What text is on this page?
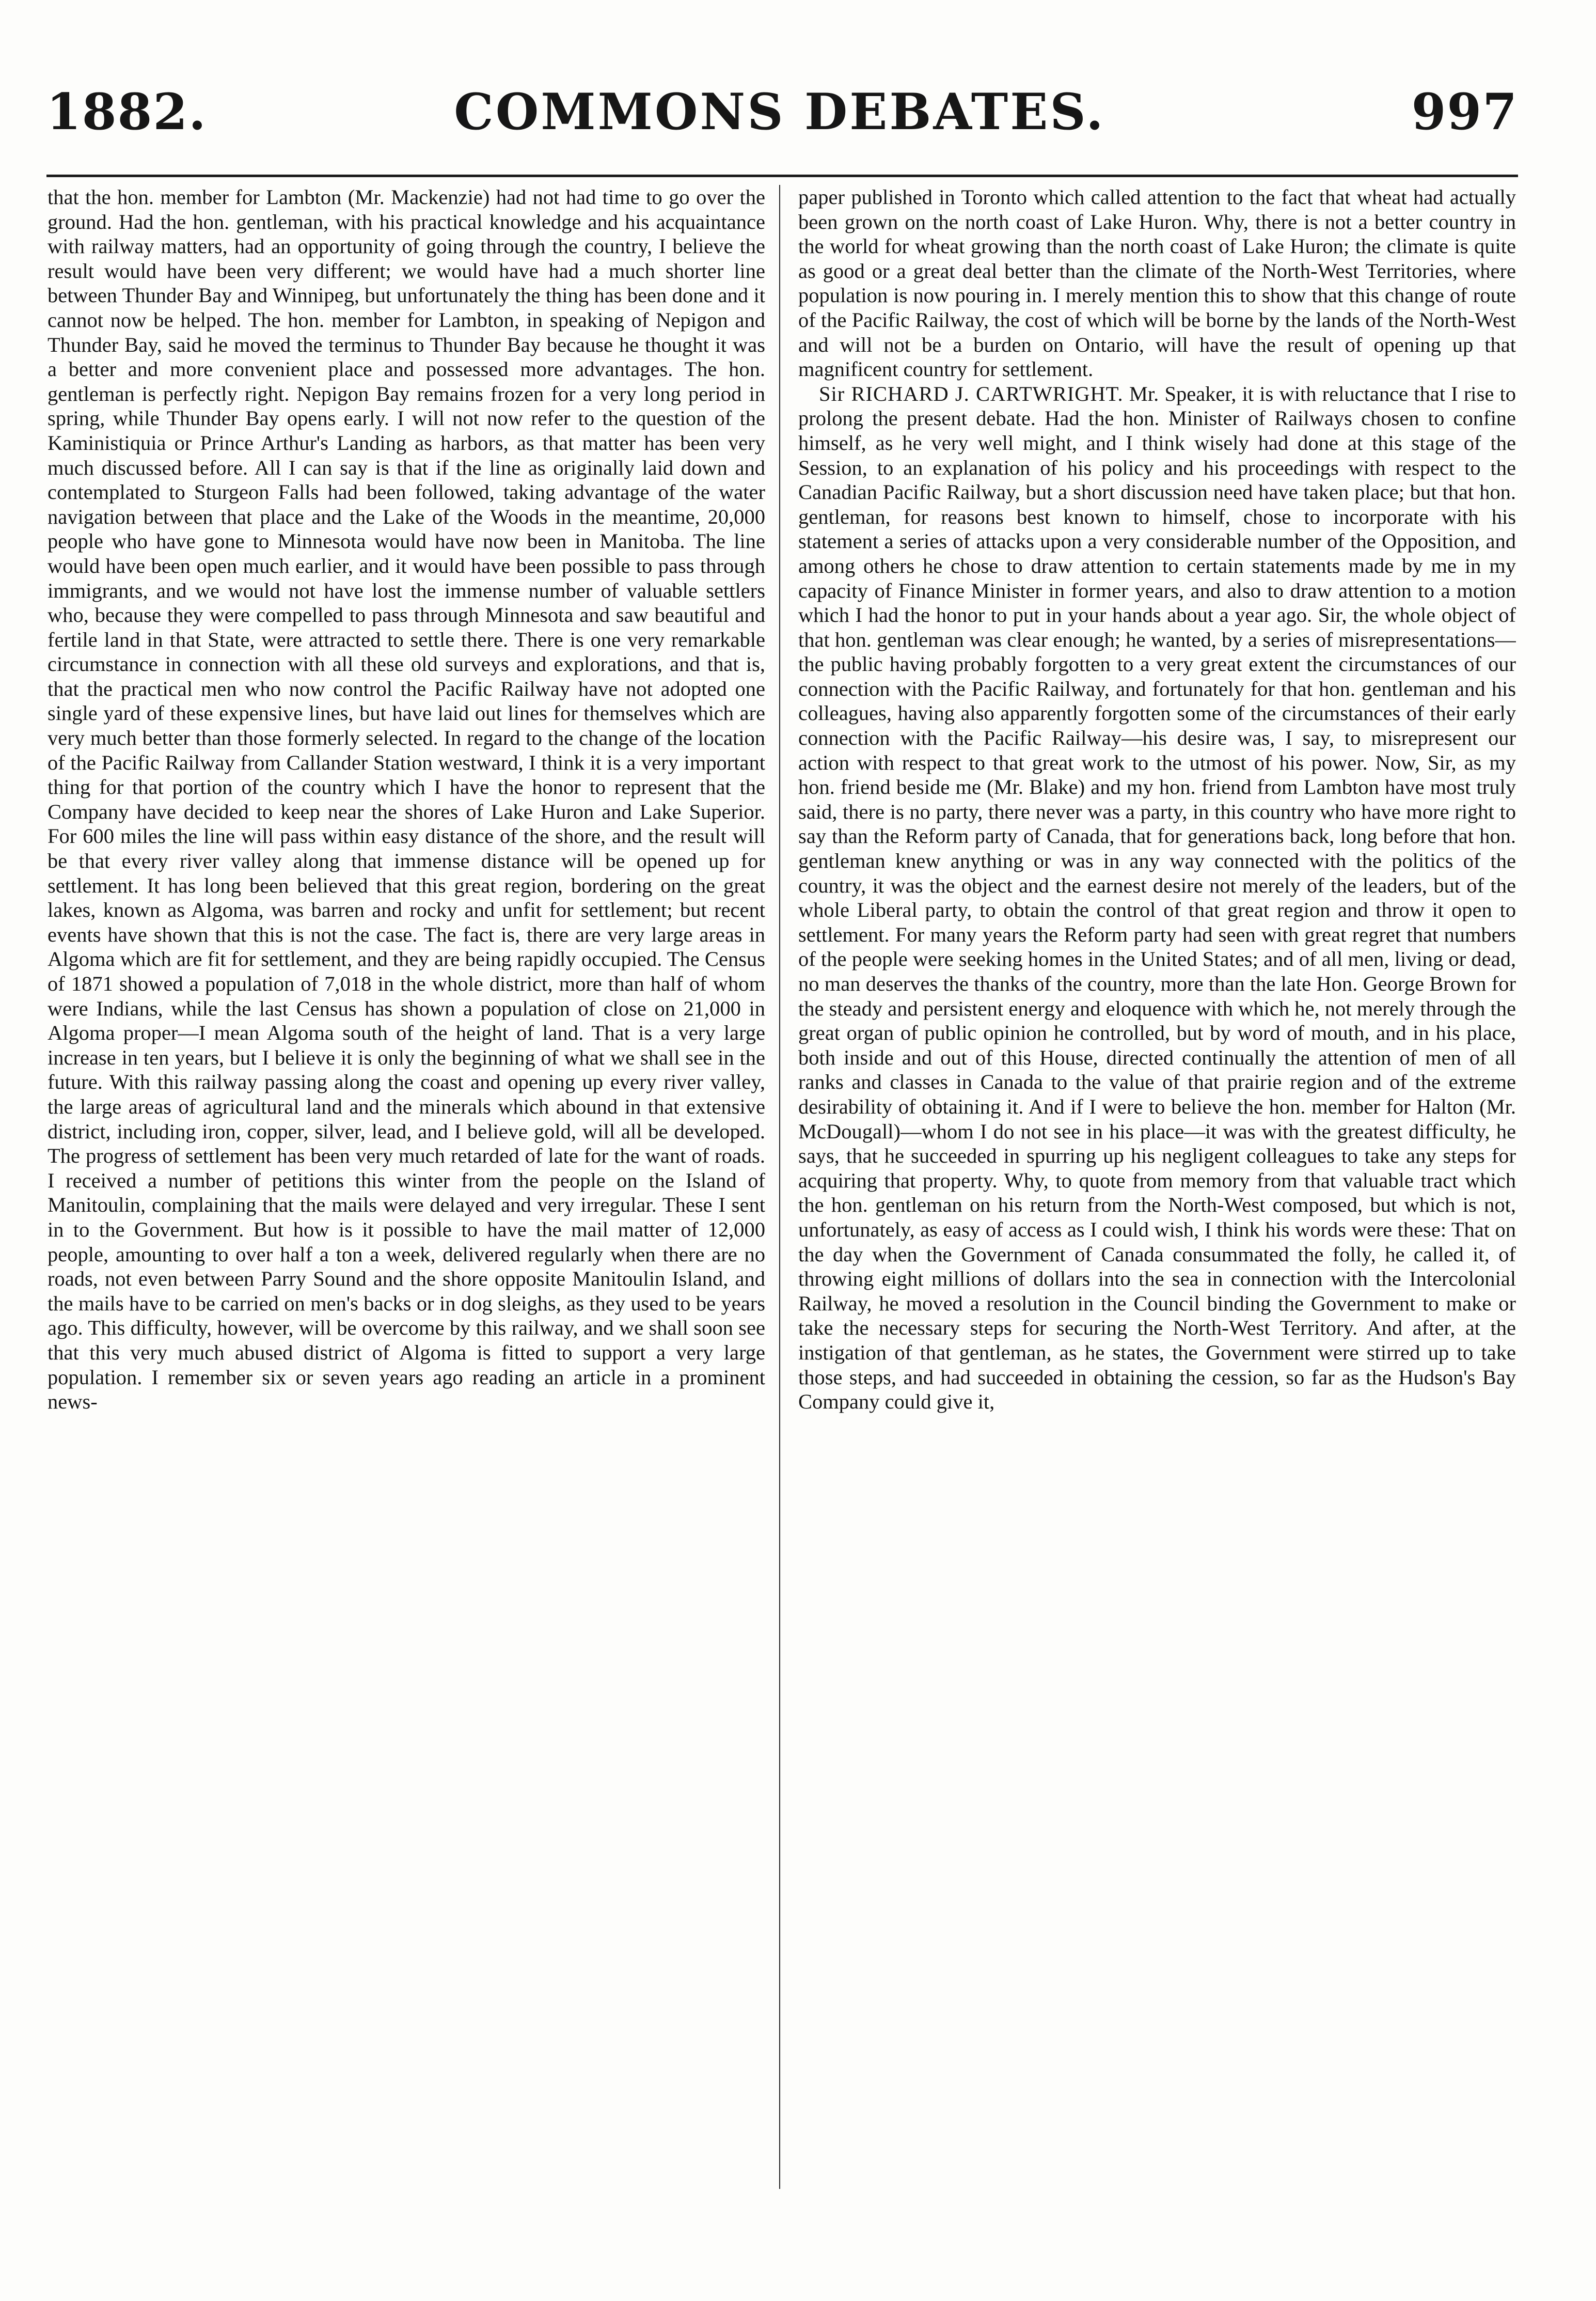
1882.	COMMONS DEBATES.	997

that the hon. member for Lambton (Mr. Mackenzie) had not had time to go over the ground. Had the hon. gentleman, with his practical knowledge and his acquaintance with railway matters, had an opportunity of going through the country, I believe the result would have been very different; we would have had a much shorter line between Thunder Bay and Winnipeg, but unfortunately the thing has been done and it cannot now be helped. The hon. member for Lambton, in speaking of Nepigon and Thunder Bay, said he moved the terminus to Thunder Bay because he thought it was a better and more convenient place and possessed more advantages. The hon. gentleman is perfectly right. Nepigon Bay remains frozen for a very long period in spring, while Thunder Bay opens early. I will not now refer to the question of the Kaministiquia or Prince Arthur's Landing as harbors, as that matter has been very much discussed before. All I can say is that if the line as originally laid down and contemplated to Sturgeon Falls had been followed, taking advantage of the water navigation between that place and the Lake of the Woods in the meantime, 20,000 people who have gone to Minnesota would have now been in Manitoba. The line would have been open much earlier, and it would have been possible to pass through immigrants, and we would not have lost the immense number of valuable settlers who, because they were compelled to pass through Minnesota and saw beautiful and fertile land in that State, were attracted to settle there. There is one very remarkable circumstance in connection with all these old surveys and explorations, and that is, that the practical men who now control the Pacific Railway have not adopted one single yard of these expensive lines, but have laid out lines for themselves which are very much better than those formerly selected. In regard to the change of the location of the Pacific Railway from Callander Station westward, I think it is a very important thing for that portion of the country which I have the honor to represent that the Company have decided to keep near the shores of Lake Huron and Lake Superior. For 600 miles the line will pass within easy distance of the shore, and the result will be that every river valley along that immense distance will be opened up for settlement. It has long been believed that this great region, bordering on the great lakes, known as Algoma, was barren and rocky and unfit for settlement; but recent events have shown that this is not the case. The fact is, there are very large areas in Algoma which are fit for settlement, and they are being rapidly occupied. The Census of 1871 showed a population of 7,018 in the whole district, more than half of whom were Indians, while the last Census has shown a population of close on 21,000 in Algoma proper—I mean Algoma south of the height of land. That is a very large increase in ten years, but I believe it is only the beginning of what we shall see in the future. With this railway passing along the coast and opening up every river valley, the large areas of agricultural land and the minerals which abound in that extensive district, including iron, copper, silver, lead, and I believe gold, will all be developed. The progress of settlement has been very much retarded of late for the want of roads. I received a number of petitions this winter from the people on the Island of Manitoulin, complaining that the mails were delayed and very irregular. These I sent in to the Government. But how is it possible to have the mail matter of 12,000 people, amounting to over half a ton a week, delivered regularly when there are no roads, not even between Parry Sound and the shore opposite Manitoulin Island, and the mails have to be carried on men's backs or in dog sleighs, as they used to be years ago. This difficulty, however, will be overcome by this railway, and we shall soon see that this very much abused district of Algoma is fitted to support a very large population. I remember six or seven years ago reading an article in a prominent news-

paper published in Toronto which called attention to the fact that wheat had actually been grown on the north coast of Lake Huron. Why, there is not a better country in the world for wheat growing than the north coast of Lake Huron; the climate is quite as good or a great deal better than the climate of the North-West Territories, where population is now pouring in. I merely mention this to show that this change of route of the Pacific Railway, the cost of which will be borne by the lands of the North-West and will not be a burden on Ontario, will have the result of opening up that magnificent country for settlement.

Sir RICHARD J. CARTWRIGHT. Mr. Speaker, it is with reluctance that I rise to prolong the present debate. Had the hon. Minister of Railways chosen to confine himself, as he very well might, and I think wisely had done at this stage of the Session, to an explanation of his policy and his proceedings with respect to the Canadian Pacific Railway, but a short discussion need have taken place; but that hon. gentleman, for reasons best known to himself, chose to incorporate with his statement a series of attacks upon a very considerable number of the Opposition, and among others he chose to draw attention to certain statements made by me in my capacity of Finance Minister in former years, and also to draw attention to a motion which I had the honor to put in your hands about a year ago. Sir, the whole object of that hon. gentleman was clear enough; he wanted, by a series of misrepresentations—the public having probably forgotten to a very great extent the circumstances of our connection with the Pacific Railway, and fortunately for that hon. gentleman and his colleagues, having also apparently forgotten some of the circumstances of their early connection with the Pacific Railway—his desire was, I say, to misrepresent our action with respect to that great work to the utmost of his power. Now, Sir, as my hon. friend beside me (Mr. Blake) and my hon. friend from Lambton have most truly said, there is no party, there never was a party, in this country who have more right to say than the Reform party of Canada, that for generations back, long before that hon. gentleman knew anything or was in any way connected with the politics of the country, it was the object and the earnest desire not merely of the leaders, but of the whole Liberal party, to obtain the control of that great region and throw it open to settlement. For many years the Reform party had seen with great regret that numbers of the people were seeking homes in the United States; and of all men, living or dead, no man deserves the thanks of the country, more than the late Hon. George Brown for the steady and persistent energy and eloquence with which he, not merely through the great organ of public opinion he controlled, but by word of mouth, and in his place, both inside and out of this House, directed continually the attention of men of all ranks and classes in Canada to the value of that prairie region and of the extreme desirability of obtaining it. And if I were to believe the hon. member for Halton (Mr. McDougall)—whom I do not see in his place—it was with the greatest difficulty, he says, that he succeeded in spurring up his negligent colleagues to take any steps for acquiring that property. Why, to quote from memory from that valuable tract which the hon. gentleman on his return from the North-West composed, but which is not, unfortunately, as easy of access as I could wish, I think his words were these: That on the day when the Government of Canada consummated the folly, he called it, of throwing eight millions of dollars into the sea in connection with the Intercolonial Railway, he moved a resolution in the Council binding the Government to make or take the necessary steps for securing the North-West Territory. And after, at the instigation of that gentleman, as he states, the Government were stirred up to take those steps, and had succeeded in obtaining the cession, so far as the Hudson's Bay Company could give it,
